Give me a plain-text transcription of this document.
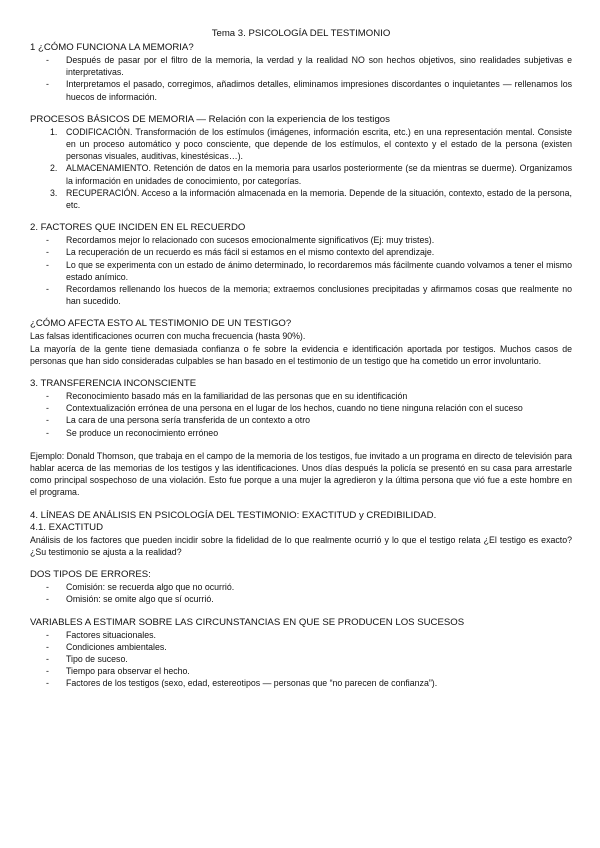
Tema 3. PSICOLOGÍA DEL TESTIMONIO
1 ¿CÓMO FUNCIONA LA MEMORIA?
- Después de pasar por el filtro de la memoria, la verdad y la realidad NO son hechos objetivos, sino realidades subjetivas e interpretativas.
- Interpretamos el pasado, corregimos, añadimos detalles, eliminamos impresiones discordantes o inquietantes — rellenamos los huecos de información.
PROCESOS BÁSICOS DE MEMORIA — Relación con la experiencia de los testigos
1. CODIFICACIÓN. Transformación de los estímulos (imágenes, información escrita, etc.) en una representación mental. Consiste en un proceso automático y poco consciente, que depende de los estímulos, el contexto y el estado de la persona (existen personas visuales, auditivas, kinestésicas…).
2. ALMACENAMIENTO. Retención de datos en la memoria para usarlos posteriormente (se da mientras se duerme). Organizamos la información en unidades de conocimiento, por categorías.
3. RECUPERACIÓN. Acceso a la información almacenada en la memoria. Depende de la situación, contexto, estado de la persona, etc.
2. FACTORES QUE INCIDEN EN EL RECUERDO
- Recordamos mejor lo relacionado con sucesos emocionalmente significativos (Ej: muy tristes).
- La recuperación de un recuerdo es más fácil si estamos en el mismo contexto del aprendizaje.
- Lo que se experimenta con un estado de ánimo determinado, lo recordaremos más fácilmente cuando volvamos a tener el mismo estado anímico.
- Recordamos rellenando los huecos de la memoria; extraemos conclusiones precipitadas y afirmamos cosas que realmente no han sucedido.
¿CÓMO AFECTA ESTO AL TESTIMONIO DE UN TESTIGO?
Las falsas identificaciones ocurren con mucha frecuencia (hasta 90%).
La mayoría de la gente tiene demasiada confianza o fe sobre la evidencia e identificación aportada por testigos. Muchos casos de personas que han sido consideradas culpables se han basado en el testimonio de un testigo que ha cometido un error involuntario.
3. TRANSFERENCIA INCONSCIENTE
- Reconocimiento basado más en la familiaridad de las personas que en su identificación
- Contextualización errónea de una persona en el lugar de los hechos, cuando no tiene ninguna relación con el suceso
- La cara de una persona sería transferida de un contexto a otro
- Se produce un reconocimiento erróneo
Ejemplo: Donald Thomson, que trabaja en el campo de la memoria de los testigos, fue invitado a un programa en directo de televisión para hablar acerca de las memorias de los testigos y las identificaciones. Unos días después la policía se presentó en su casa para arrestarle como principal sospechoso de una violación. Esto fue porque a una mujer la agredieron y la última persona que vió fue a este hombre en el programa.
4. LÍNEAS DE ANÁLISIS EN PSICOLOGÍA DEL TESTIMONIO: EXACTITUD y CREDIBILIDAD.
4.1. EXACTITUD
Análisis de los factores que pueden incidir sobre la fidelidad de lo que realmente ocurrió y lo que el testigo relata ¿El testigo es exacto? ¿Su testimonio se ajusta a la realidad?
DOS TIPOS DE ERRORES:
- Comisión: se recuerda algo que no ocurrió.
- Omisión: se omite algo que sí ocurrió.
VARIABLES A ESTIMAR SOBRE LAS CIRCUNSTANCIAS EN QUE SE PRODUCEN LOS SUCESOS
- Factores situacionales.
- Condiciones ambientales.
- Tipo de suceso.
- Tiempo para observar el hecho.
- Factores de los testigos (sexo, edad, estereotipos — personas que “no parecen de confianza”).
